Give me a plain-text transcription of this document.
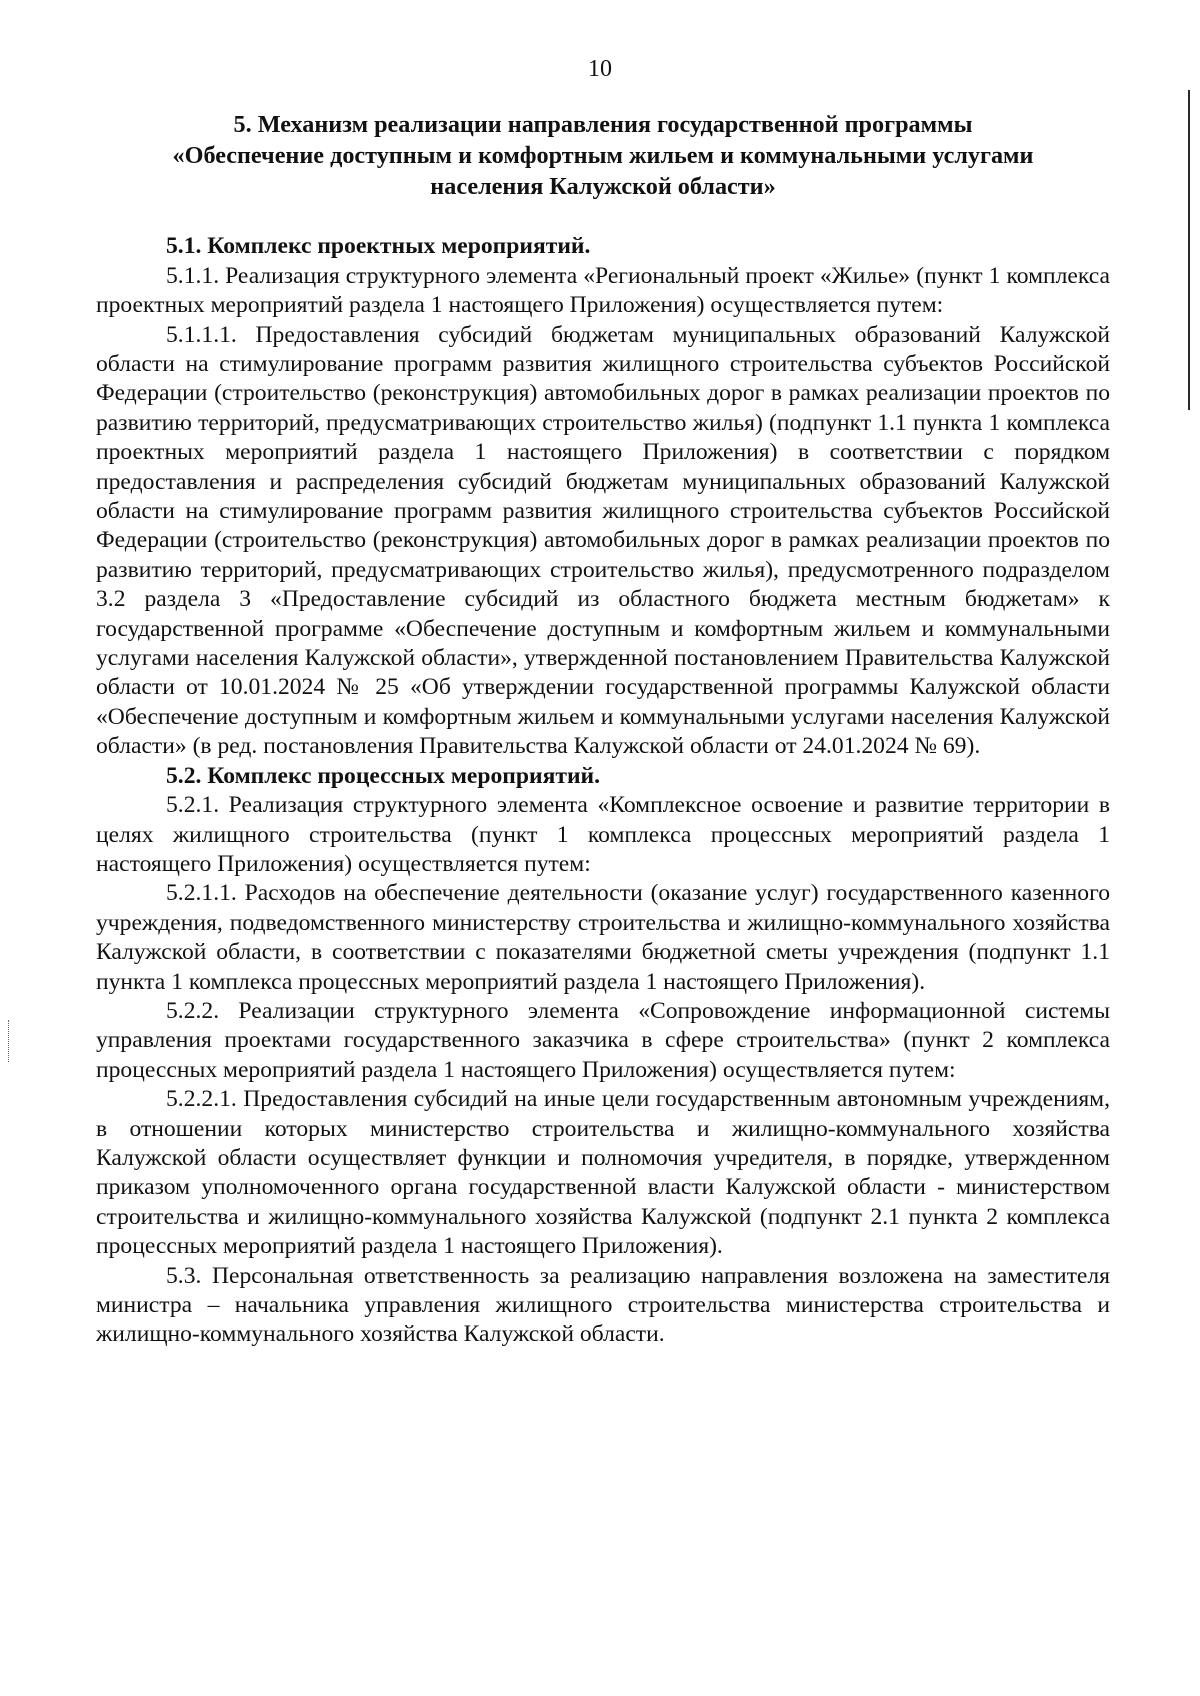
10
5. Механизм реализации направления государственной программы
«Обеспечение доступным и комфортным жильем и коммунальными услугами
населения Калужской области»

5.1. Комплекс проектных мероприятий.

5.1.1. Реализация структурного элемента «Региональный проект «Жилье» (пункт 1 комплекса проектных мероприятий раздела 1 настоящего Приложения) осуществляется путем:

5.1.1.1. Предоставления субсидий бюджетам муниципальных образований Калужской области на стимулирование программ развития жилищного строительства субъектов Российской Федерации (строительство (реконструкция) автомобильных дорог в рамках реализации проектов по развитию территорий, предусматривающих строительство жилья) (подпункт 1.1 пункта 1 комплекса проектных мероприятий раздела 1 настоящего Приложения) в соответствии с порядком предоставления и распределения субсидий бюджетам муниципальных образований Калужской области на стимулирование программ развития жилищного строительства субъектов Российской Федерации (строительство (реконструкция) автомобильных дорог в рамках реализации проектов по развитию территорий, предусматривающих строительство жилья), предусмотренного подразделом 3.2 раздела 3 «Предоставление субсидий из областного бюджета местным бюджетам» к государственной программе «Обеспечение доступным и комфортным жильем и коммунальными услугами населения Калужской области», утвержденной постановлением Правительства Калужской области от 10.01.2024 № 25 «Об утверждении государственной программы Калужской области «Обеспечение доступным и комфортным жильем и коммунальными услугами населения Калужской области» (в ред. постановления Правительства Калужской области от 24.01.2024 № 69).

5.2. Комплекс процессных мероприятий.

5.2.1. Реализация структурного элемента «Комплексное освоение и развитие территории в целях жилищного строительства (пункт 1 комплекса процессных мероприятий раздела 1 настоящего Приложения) осуществляется путем:

5.2.1.1. Расходов на обеспечение деятельности (оказание услуг) государственного казенного учреждения, подведомственного министерству строительства и жилищно-коммунального хозяйства Калужской области, в соответствии с показателями бюджетной сметы учреждения (подпункт 1.1 пункта 1 комплекса процессных мероприятий раздела 1 настоящего Приложения).

5.2.2. Реализации структурного элемента «Сопровождение информационной системы управления проектами государственного заказчика в сфере строительства» (пункт 2 комплекса процессных мероприятий раздела 1 настоящего Приложения) осуществляется путем:

5.2.2.1. Предоставления субсидий на иные цели государственным автономным учреждениям, в отношении которых министерство строительства и жилищно-коммунального хозяйства Калужской области осуществляет функции и полномочия учредителя, в порядке, утвержденном приказом уполномоченного органа государственной власти Калужской области - министерством строительства и жилищно-коммунального хозяйства Калужской (подпункт 2.1 пункта 2 комплекса процессных мероприятий раздела 1 настоящего Приложения).

5.3. Персональная ответственность за реализацию направления возложена на заместителя министра – начальника управления жилищного строительства министерства строительства и жилищно-коммунального хозяйства Калужской области.
